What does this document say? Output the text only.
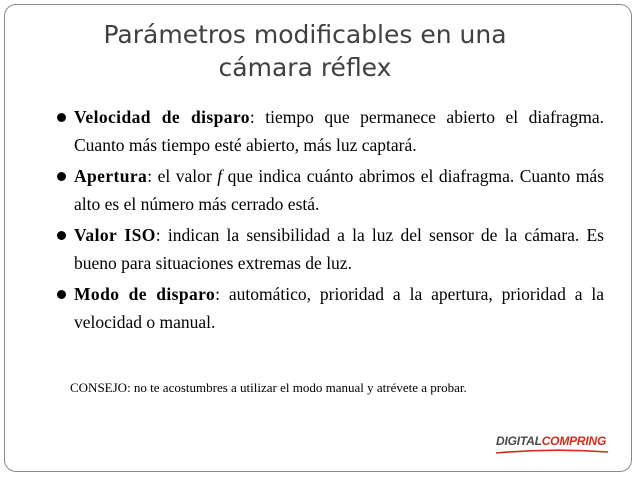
Parámetros modificables en una
cámara réflex
Velocidad de disparo: tiempo que permanece abierto el diafragma. Cuanto más tiempo esté abierto, más luz captará.
Apertura: el valor f que indica cuánto abrimos el diafragma. Cuanto más alto es el número más cerrado está.
Valor ISO: indican la sensibilidad a la luz del sensor de la cámara. Es bueno para situaciones extremas de luz.
Modo de disparo: automático, prioridad a la apertura, prioridad a la velocidad o manual.
CONSEJO: no te acostumbres a utilizar el modo manual y atrévete a probar.
DIGITALCOMPRING
